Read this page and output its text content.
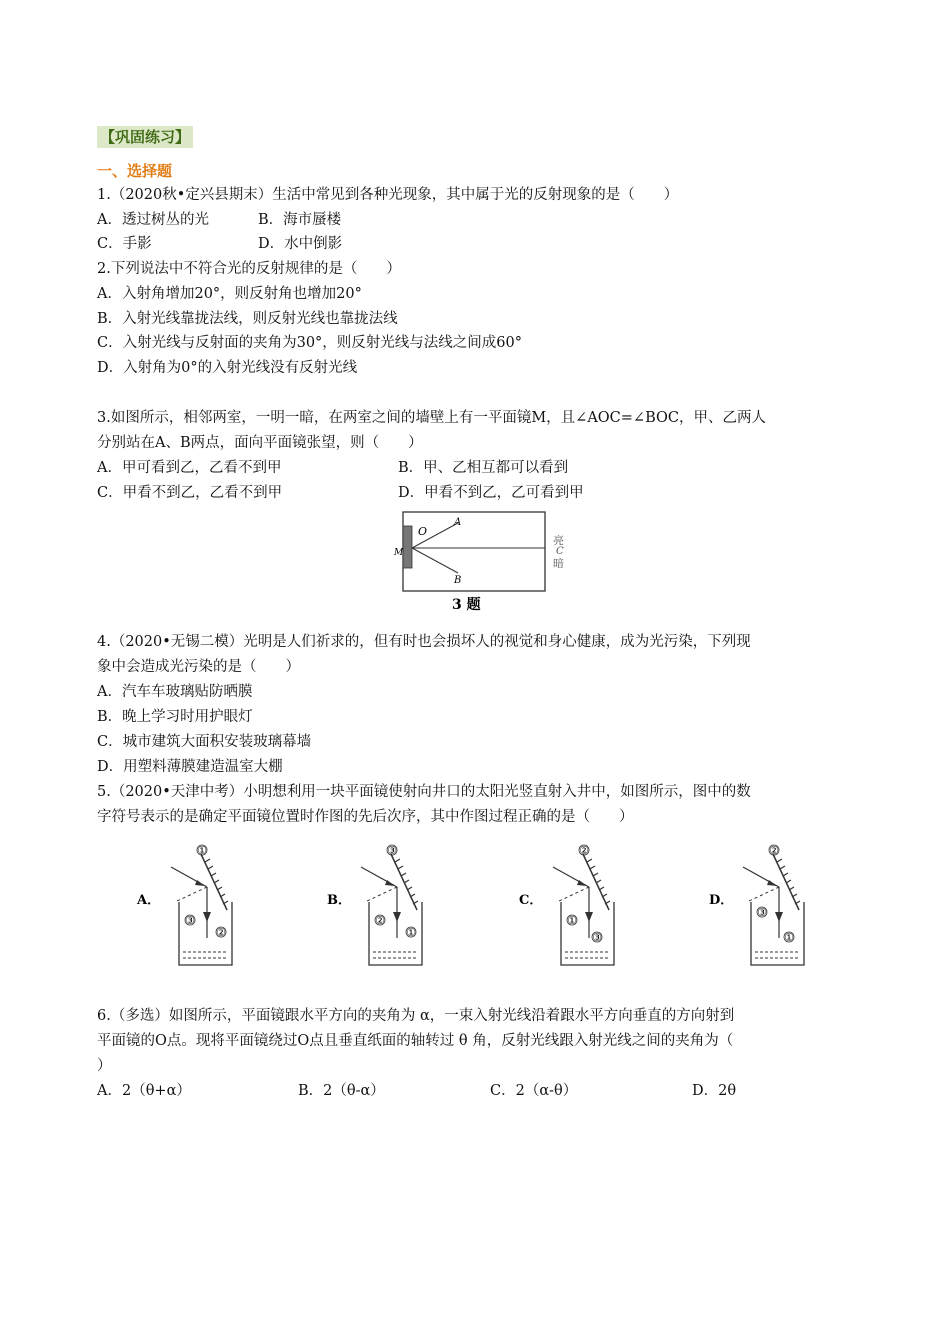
【巩固练习】
一、选择题
1.（2020秋•定兴县期末）生活中常见到各种光现象，其中属于光的反射现象的是（　　）
A．透过树丛的光	B．海市蜃楼
C．手影	D．水中倒影
2.下列说法中不符合光的反射规律的是（　　）
A．入射角增加20°，则反射角也增加20°
B．入射光线靠拢法线，则反射光线也靠拢法线
C．入射光线与反射面的夹角为30°，则反射光线与法线之间成60°
D．入射角为0°的入射光线没有反射光线
3.如图所示，相邻两室，一明一暗，在两室之间的墙壁上有一平面镜M，且∠AOC=∠BOC，甲、乙两人
分别站在A、B两点，面向平面镜张望，则（　　）
A．甲可看到乙，乙看不到甲	B．甲、乙相互都可以看到
C．甲看不到乙，乙看不到甲	D．甲看不到乙，乙可看到甲
O
A
B
M
亮
C
暗
3 题
4.（2020•无锡二模）光明是人们祈求的，但有时也会损坏人的视觉和身心健康，成为光污染，下列现
象中会造成光污染的是（　　）
A．汽车车玻璃贴防晒膜
B．晚上学习时用护眼灯
C．城市建筑大面积安装玻璃幕墙
D．用塑料薄膜建造温室大棚
5.（2020•天津中考）小明想利用一块平面镜使射向井口的太阳光竖直射入井中，如图所示，图中的数
字符号表示的是确定平面镜位置时作图的先后次序，其中作图过程正确的是（　　）
A．
①
③
②
B．
③
②
①
C．
②
①
③
D．
②
③
①
6.（多选）如图所示，平面镜跟水平方向的夹角为 α，一束入射光线沿着跟水平方向垂直的方向射到
平面镜的O点。现将平面镜绕过O点且垂直纸面的轴转过 θ 角，反射光线跟入射光线之间的夹角为（
）
A．2（θ+α）	B．2（θ-α）	C．2（α-θ）	D．2θ
